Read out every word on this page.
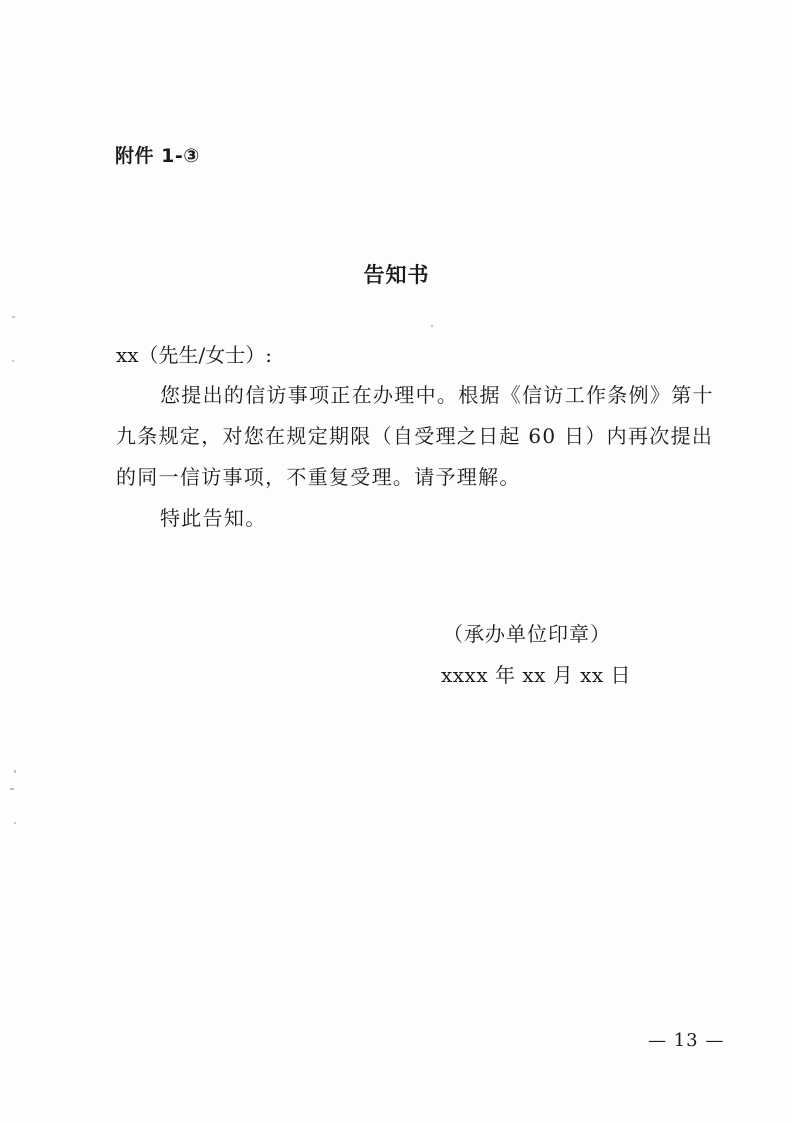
附件 1-③
告知书
xx（先生/女士）:

您提出的信访事项正在办理中。根据《信访工作条例》第十

九条规定，对您在规定期限（自受理之日起 60 日）内再次提出

的同一信访事项，不重复受理。请予理解。

特此告知。

（承办单位印章）
xxxx 年 xx 月 xx 日
— 13 —
